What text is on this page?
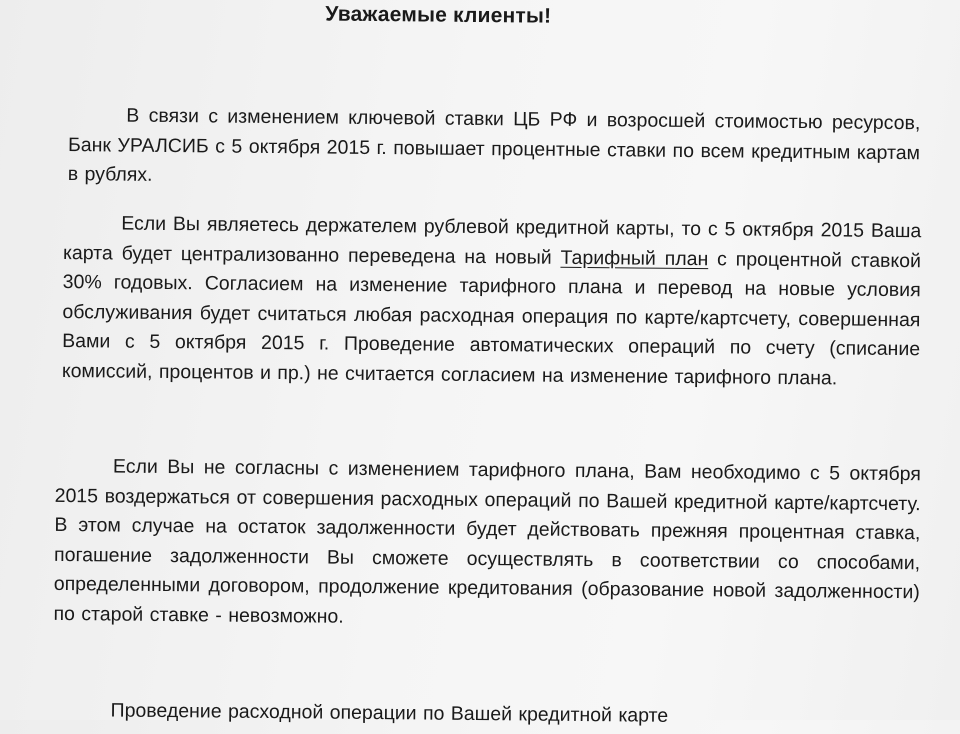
Уважаемые клиенты!

В связи с изменением ключевой ставки ЦБ РФ и возросшей стоимостью ресурсов, Банк УРАЛСИБ с 5 октября 2015 г. повышает процентные ставки по всем кредитным картам в рублях.

Если Вы являетесь держателем рублевой кредитной карты, то с 5 октября 2015 Ваша карта будет централизованно переведена на новый Тарифный план с процентной ставкой 30% годовых. Согласием на изменение тарифного плана и перевод на новые условия обслуживания будет считаться любая расходная операция по карте/картсчету, совершенная Вами с 5 октября 2015 г. Проведение автоматических операций по счету (списание комиссий, процентов и пр.) не считается согласием на изменение тарифного плана.

Если Вы не согласны с изменением тарифного плана, Вам необходимо с 5 октября 2015 воздержаться от совершения расходных операций по Вашей кредитной карте/картсчету. В этом случае на остаток задолженности будет действовать прежняя процентная ставка, погашение задолженности Вы сможете осуществлять в соответствии со способами, определенными договором, продолжение кредитования (образование новой задолженности) по старой ставке - невозможно.

Проведение расходной операции по Вашей кредитной карте
